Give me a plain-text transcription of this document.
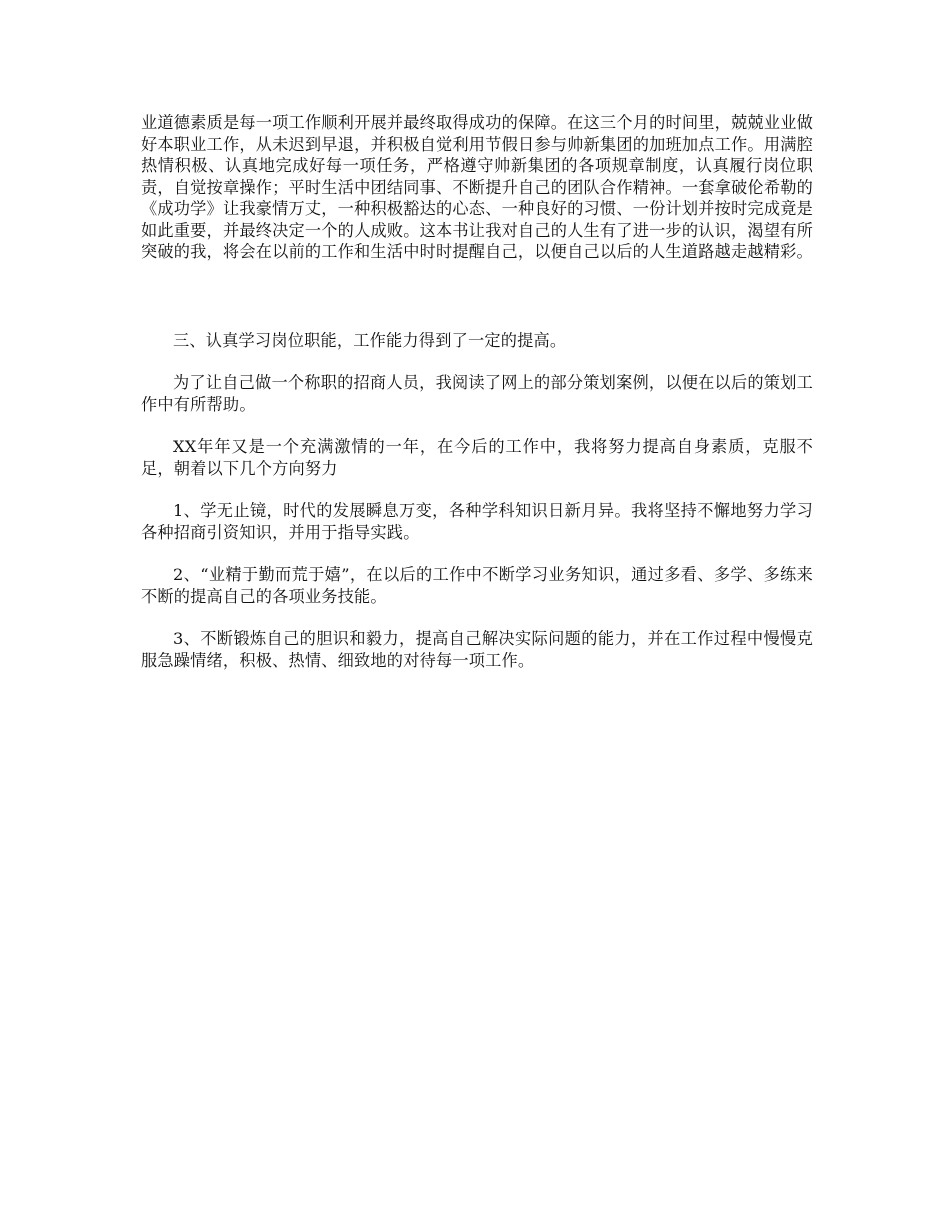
业道德素质是每一项工作顺利开展并最终取得成功的保障。在这三个月的时间里，兢兢业业做好本职业工作，从未迟到早退，并积极自觉利用节假日参与帅新集团的加班加点工作。用满腔热情积极、认真地完成好每一项任务，严格遵守帅新集团的各项规章制度，认真履行岗位职责，自觉按章操作；平时生活中团结同事、不断提升自己的团队合作精神。一套拿破伦希勒的《成功学》让我豪情万丈，一种积极豁达的心态、一种良好的习惯、一份计划并按时完成竟是如此重要，并最终决定一个的人成败。这本书让我对自己的人生有了进一步的认识，渴望有所突破的我，将会在以前的工作和生活中时时提醒自己，以便自己以后的人生道路越走越精彩。

三、认真学习岗位职能，工作能力得到了一定的提高。

为了让自己做一个称职的招商人员，我阅读了网上的部分策划案例，以便在以后的策划工作中有所帮助。

XX年年又是一个充满激情的一年，在今后的工作中，我将努力提高自身素质，克服不足，朝着以下几个方向努力

1、学无止镜，时代的发展瞬息万变，各种学科知识日新月异。我将坚持不懈地努力学习各种招商引资知识，并用于指导实践。

2、“业精于勤而荒于嬉”，在以后的工作中不断学习业务知识，通过多看、多学、多练来不断的提高自己的各项业务技能。

3、不断锻炼自己的胆识和毅力，提高自己解决实际问题的能力，并在工作过程中慢慢克服急躁情绪，积极、热情、细致地的对待每一项工作。
